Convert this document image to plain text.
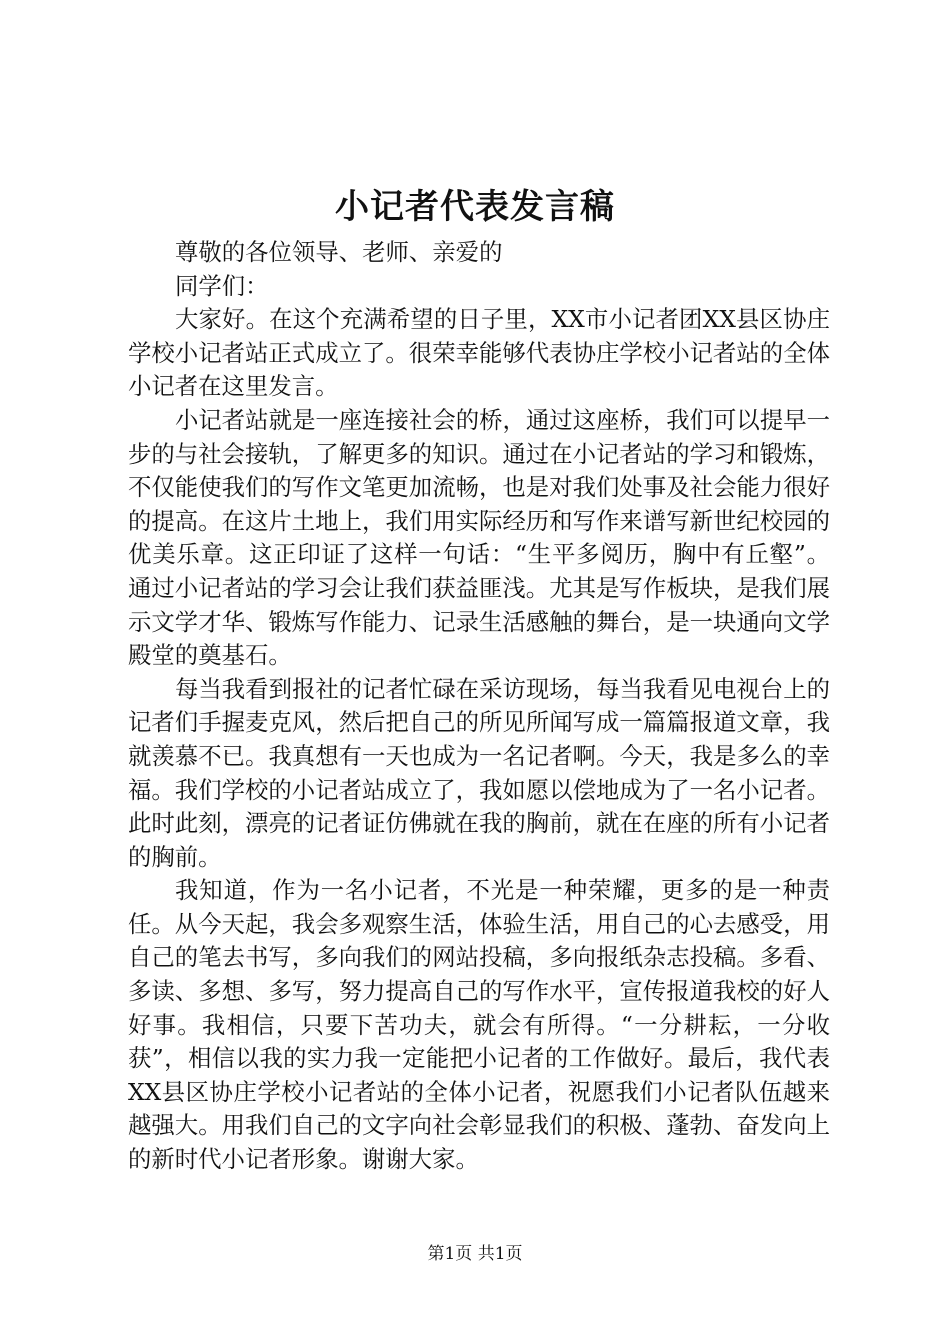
小记者代表发言稿

尊敬的各位领导、老师、亲爱的

同学们：

大家好。在这个充满希望的日子里，XX市小记者团XX县区协庄学校小记者站正式成立了。很荣幸能够代表协庄学校小记者站的全体小记者在这里发言。

小记者站就是一座连接社会的桥，通过这座桥，我们可以提早一步的与社会接轨，了解更多的知识。通过在小记者站的学习和锻炼，不仅能使我们的写作文笔更加流畅，也是对我们处事及社会能力很好的提高。在这片土地上，我们用实际经历和写作来谱写新世纪校园的优美乐章。这正印证了这样一句话：“生平多阅历，胸中有丘壑”。通过小记者站的学习会让我们获益匪浅。尤其是写作板块，是我们展示文学才华、锻炼写作能力、记录生活感触的舞台，是一块通向文学殿堂的奠基石。

每当我看到报社的记者忙碌在采访现场，每当我看见电视台上的记者们手握麦克风，然后把自己的所见所闻写成一篇篇报道文章，我就羡慕不已。我真想有一天也成为一名记者啊。今天，我是多么的幸福。我们学校的小记者站成立了，我如愿以偿地成为了一名小记者。此时此刻，漂亮的记者证仿佛就在我的胸前，就在在座的所有小记者的胸前。

我知道，作为一名小记者，不光是一种荣耀，更多的是一种责任。从今天起，我会多观察生活，体验生活，用自己的心去感受，用自己的笔去书写，多向我们的网站投稿，多向报纸杂志投稿。多看、多读、多想、多写，努力提高自己的写作水平，宣传报道我校的好人好事。我相信，只要下苦功夫，就会有所得。“一分耕耘，一分收获”，相信以我的实力我一定能把小记者的工作做好。最后，我代表XX县区协庄学校小记者站的全体小记者，祝愿我们小记者队伍越来越强大。用我们自己的文字向社会彰显我们的积极、蓬勃、奋发向上的新时代小记者形象。谢谢大家。

第1页 共1页
